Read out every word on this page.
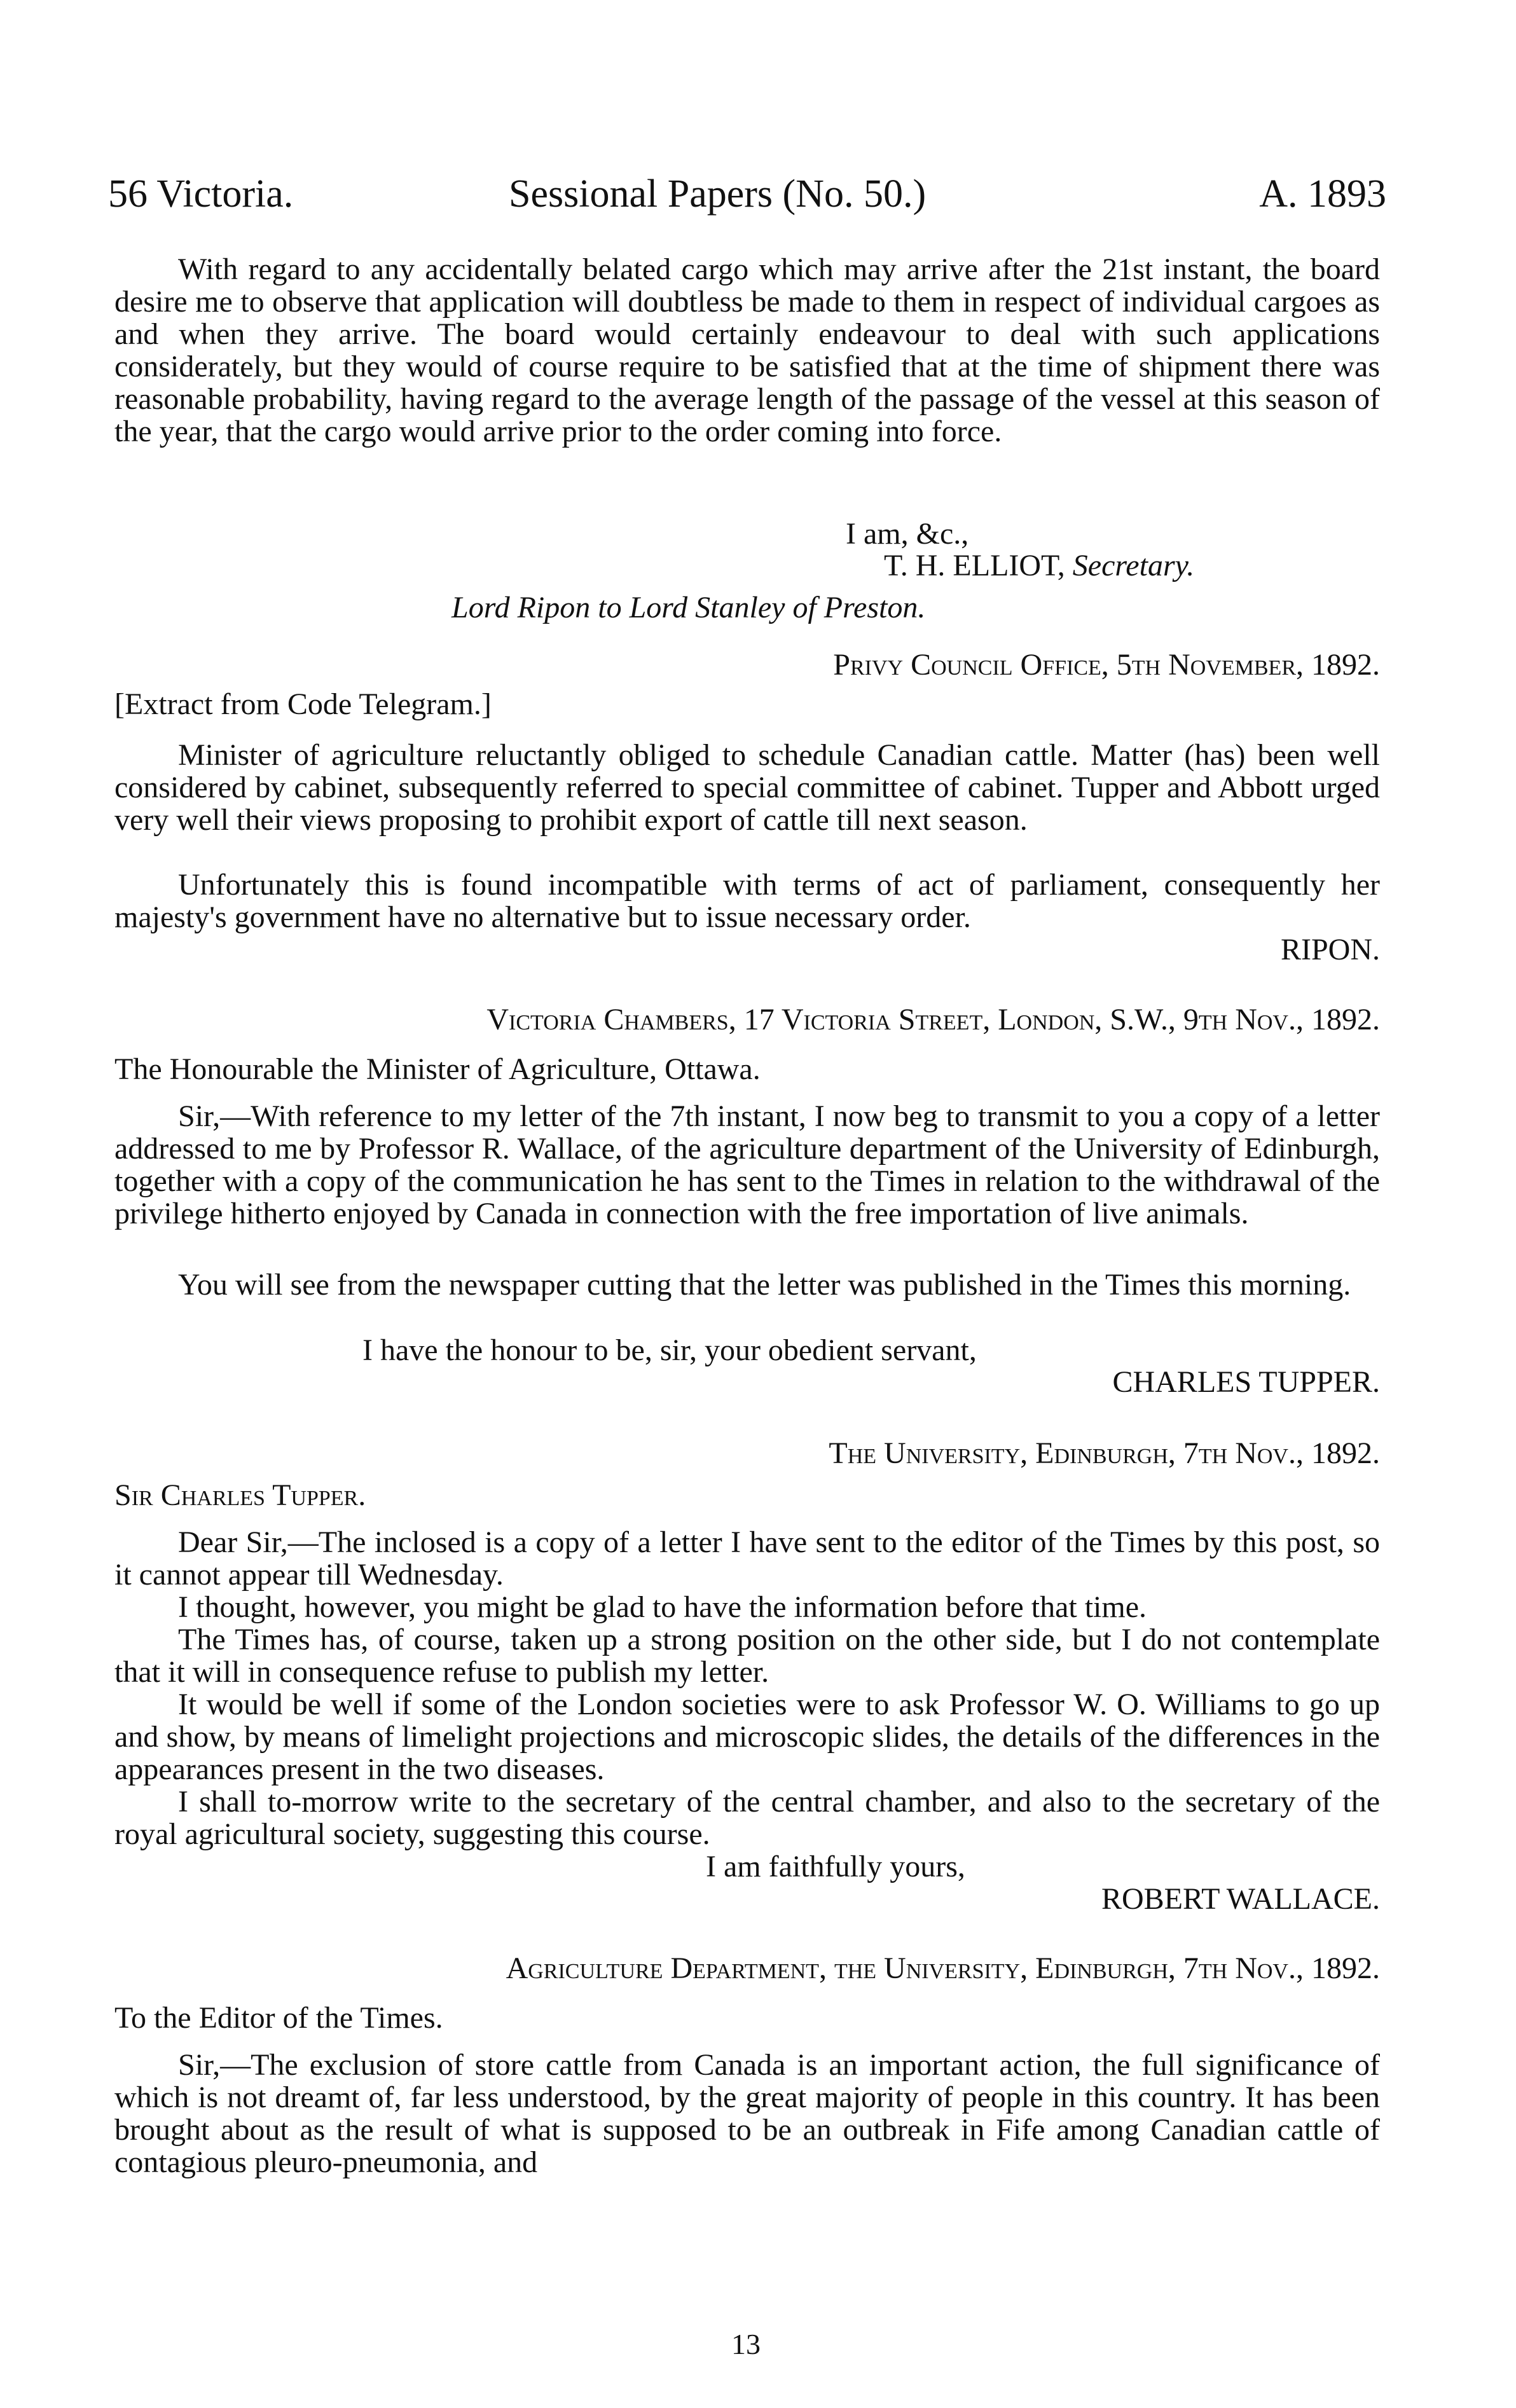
56 Victoria.	Sessional Papers (No. 50.)	A. 1893

With regard to any accidentally belated cargo which may arrive after the 21st instant, the board desire me to observe that application will doubtless be made to them in respect of individual cargoes as and when they arrive. The board would certainly endeavour to deal with such applications considerately, but they would of course require to be satisfied that at the time of shipment there was reasonable probability, having regard to the average length of the passage of the vessel at this season of the year, that the cargo would arrive prior to the order coming into force.

I am, &c.,

T. H. ELLIOT, Secretary.

Lord Ripon to Lord Stanley of Preston.

Privy Council Office, 5th November, 1892.

[Extract from Code Telegram.]

Minister of agriculture reluctantly obliged to schedule Canadian cattle. Matter (has) been well considered by cabinet, subsequently referred to special committee of cabinet. Tupper and Abbott urged very well their views proposing to prohibit export of cattle till next season.

Unfortunately this is found incompatible with terms of act of parliament, consequently her majesty's government have no alternative but to issue necessary order.

RIPON.

Victoria Chambers, 17 Victoria Street, London, S.W., 9th Nov., 1892.

The Honourable the Minister of Agriculture, Ottawa.

Sir,—With reference to my letter of the 7th instant, I now beg to transmit to you a copy of a letter addressed to me by Professor R. Wallace, of the agriculture department of the University of Edinburgh, together with a copy of the communication he has sent to the Times in relation to the withdrawal of the privilege hitherto enjoyed by Canada in connection with the free importation of live animals.

You will see from the newspaper cutting that the letter was published in the Times this morning.

I have the honour to be, sir, your obedient servant,

CHARLES TUPPER.

The University, Edinburgh, 7th Nov., 1892.

Sir Charles Tupper.

Dear Sir,—The inclosed is a copy of a letter I have sent to the editor of the Times by this post, so it cannot appear till Wednesday.

I thought, however, you might be glad to have the information before that time.

The Times has, of course, taken up a strong position on the other side, but I do not contemplate that it will in consequence refuse to publish my letter.

It would be well if some of the London societies were to ask Professor W. O. Williams to go up and show, by means of limelight projections and microscopic slides, the details of the differences in the appearances present in the two diseases.

I shall to-morrow write to the secretary of the central chamber, and also to the secretary of the royal agricultural society, suggesting this course.

I am faithfully yours,

ROBERT WALLACE.

Agriculture Department, the University, Edinburgh, 7th Nov., 1892.

To the Editor of the Times.

Sir,—The exclusion of store cattle from Canada is an important action, the full significance of which is not dreamt of, far less understood, by the great majority of people in this country. It has been brought about as the result of what is supposed to be an outbreak in Fife among Canadian cattle of contagious pleuro-pneumonia, and

13
